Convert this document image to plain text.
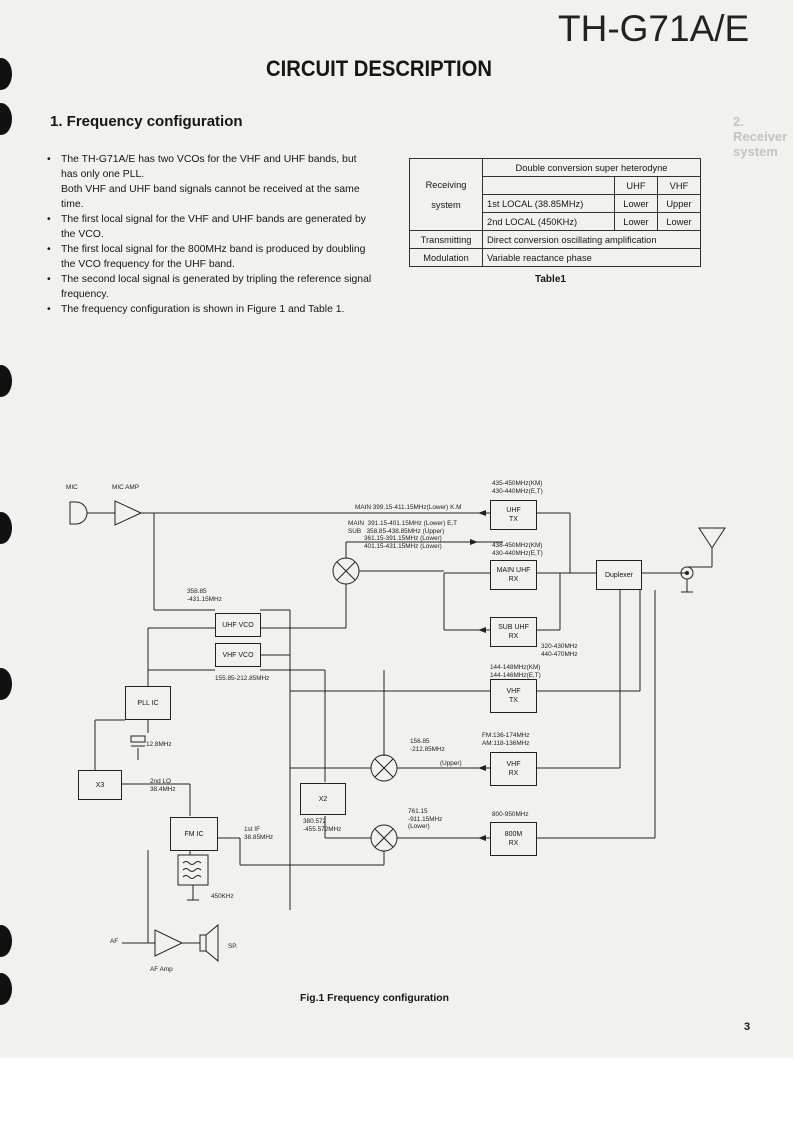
TH-G71A/E
CIRCUIT DESCRIPTION
2. Receiver system
1. Frequency configuration
• The TH-G71A/E has two VCOs for the VHF and UHF bands, but has only one PLL.
Both VHF and UHF band signals cannot be received at the same time.
• The first local signal for the VHF and UHF bands are generated by the VCO.
• The first local signal for the 800MHz band is produced by doubling the VCO frequency for the UHF band.
• The second local signal is generated by tripling the reference signal frequency.
• The frequency configuration is shown in Figure 1 and Table 1.
Receiving

system	Double conversion super heterodyne		
		UHF	VHF
	1st LOCAL (38.85MHz)	Lower	Upper
	2nd LOCAL (450KHz)	Lower	Lower
Transmitting	Direct conversion oscillating amplification		
Modulation	Variable reactance phase		
Table1
UHF
TX
MAIN UHF
RX
SUB UHF
RX
VHF
TX
VHF
RX
800M
RX
Duplexer
UHF VCO
VHF VCO
PLL IC
X3
X2
FM IC
MIC	MIC AMP
435-450MHz(KM)
430-440MHz(E,T)
MAIN 399.15-411.15MHz(Lower) K.M
MAIN  391.15-401.15MHz (Lower) E,T
SUB   358.85-438.85MHz (Upper)
361.15-391.15MHz (Lower)
401.15-431.15MHz (Lower)	438-450MHz(KM)
430-440MHz(E,T)
320-430MHz
440-470MHz
144-148MHz(KM)
144-146MHz(E,T)
FM:136-174MHz
AM:118-136MHz
156.85
-212.85MHz
(Upper)
358.85
-431.15MHz
155.85-212.85MHz
12.8MHz
2nd LO
38.4MHz
1st IF
38.85MHz
380.572
-455.572MHz
761.15
-911.15MHz
(Lower)
800-950MHz
450KHz
AF
AF Amp
SP.
Fig.1 Frequency configuration
3
